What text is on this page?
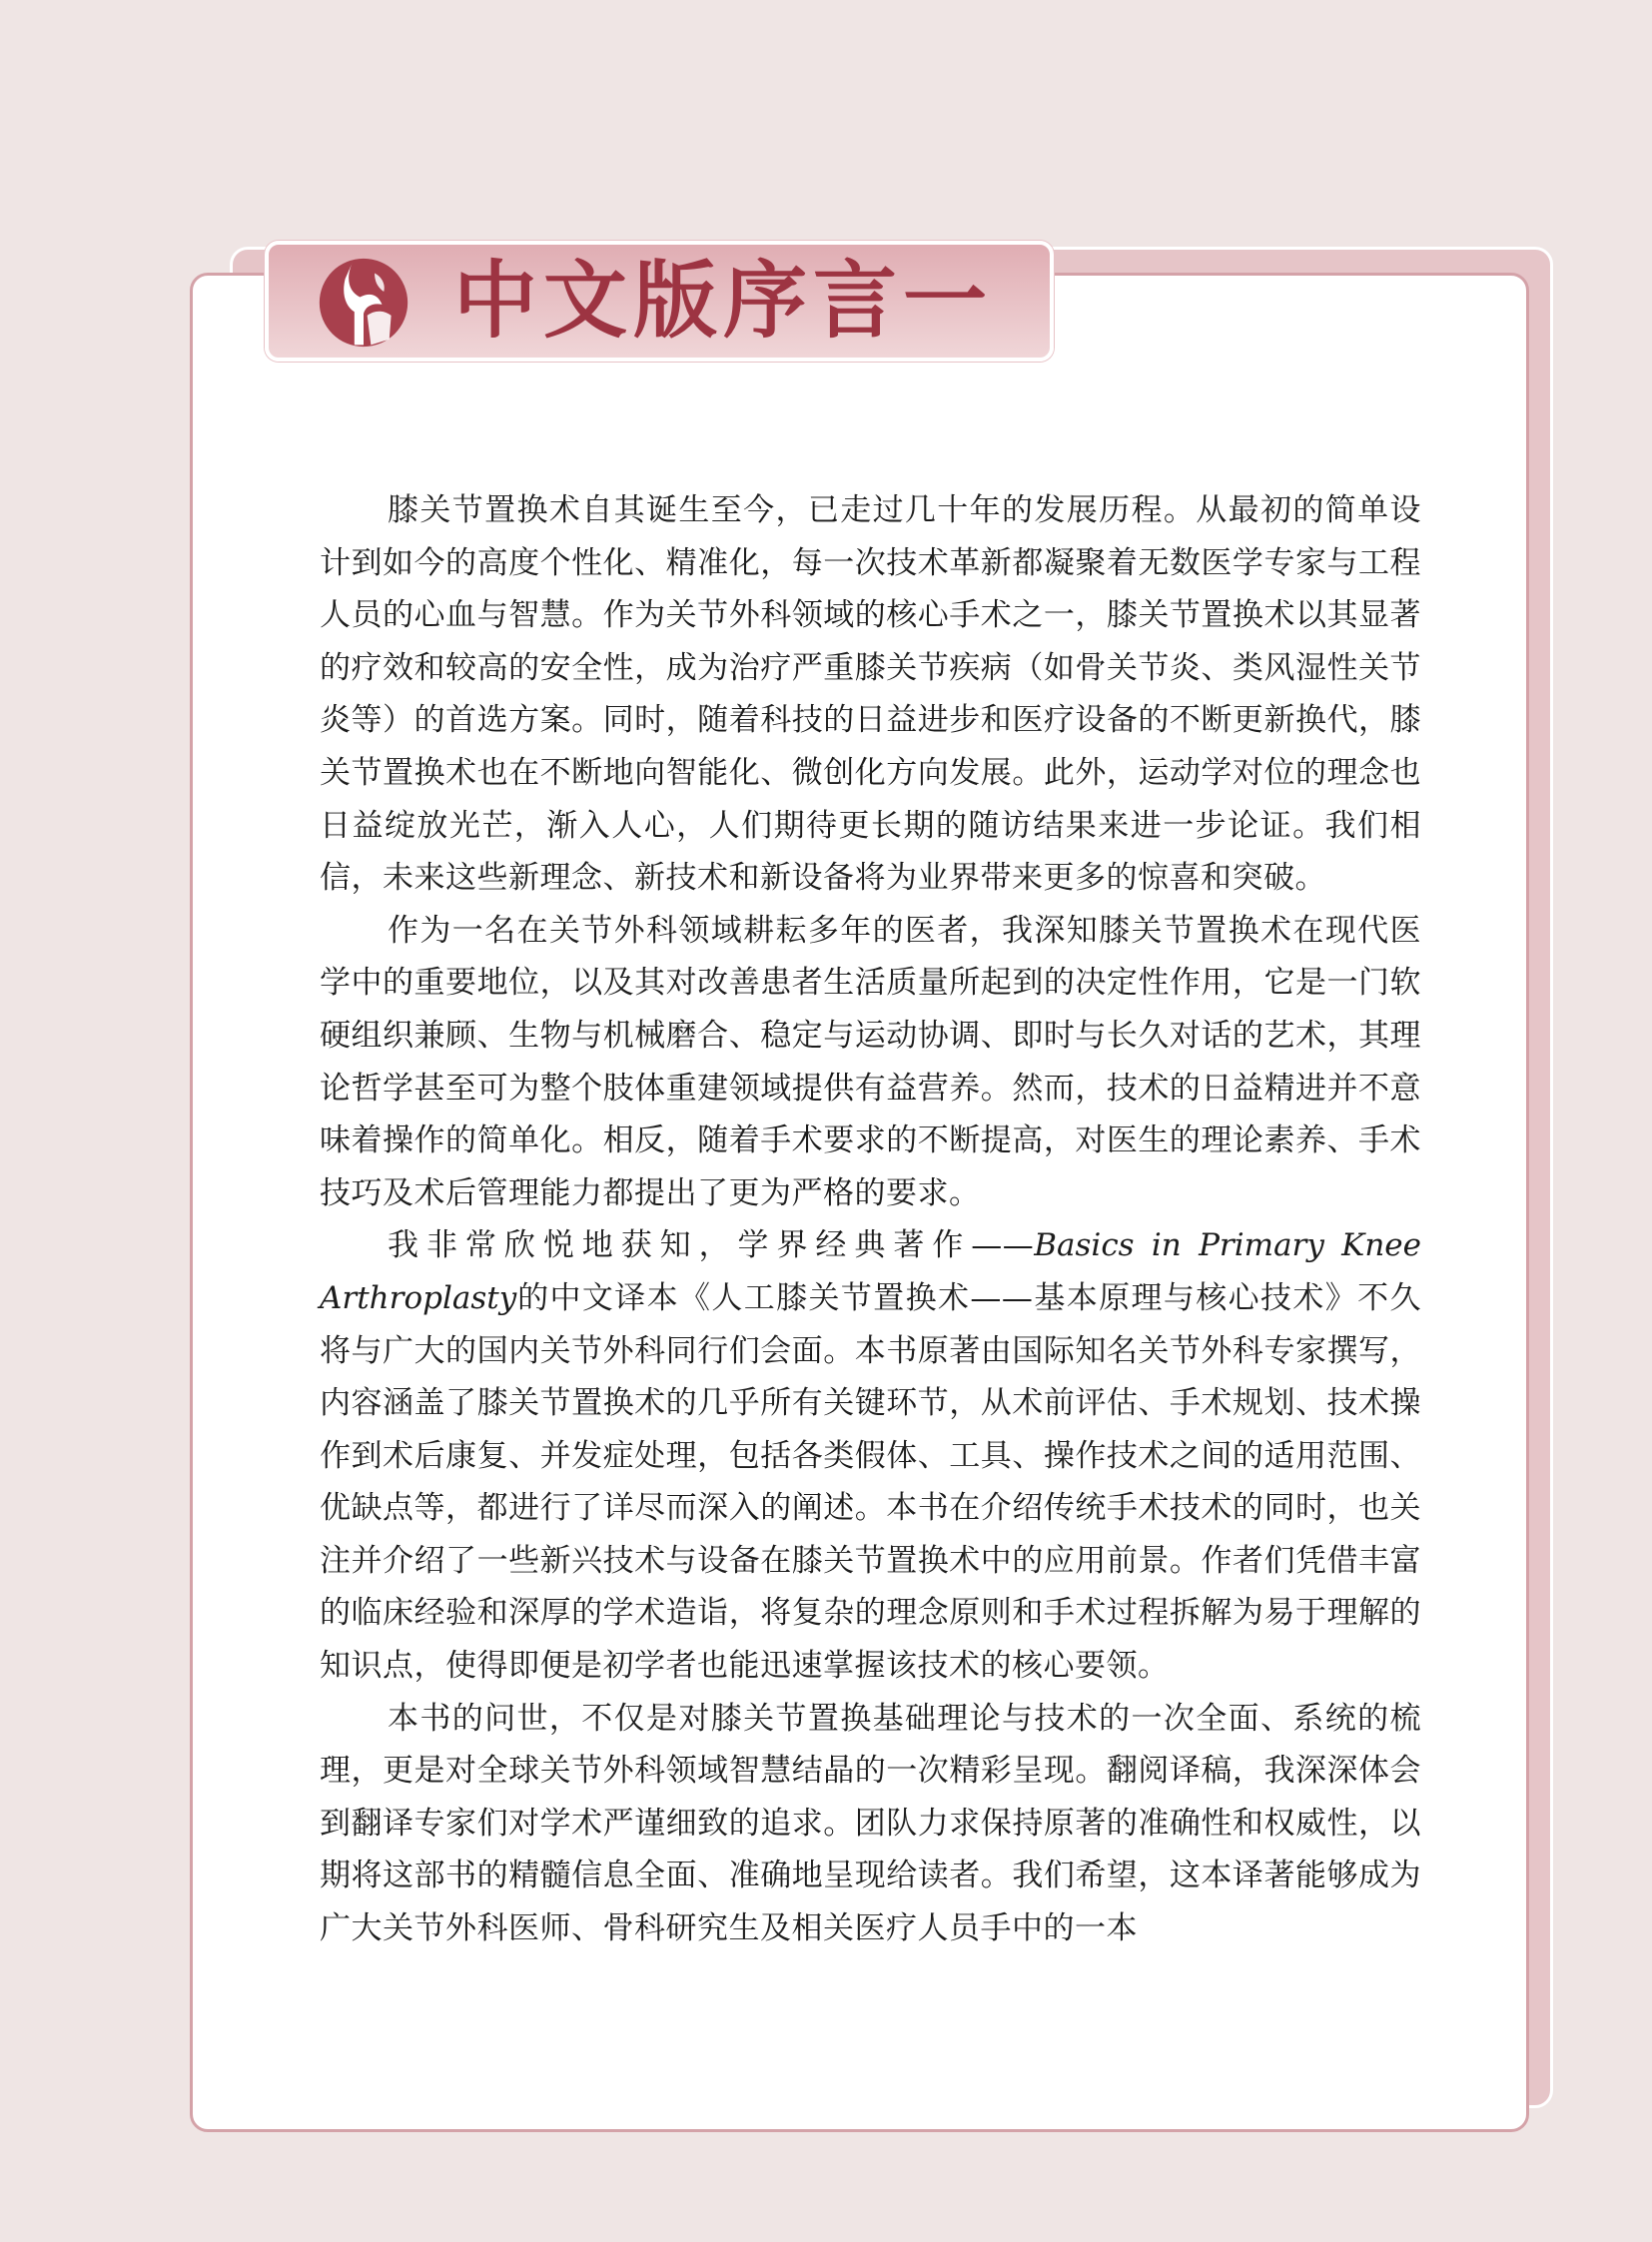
中文版序言一

膝关节置换术自其诞生至今，已走过几十年的发展历程。从最初的简单设计到如今的高度个性化、精准化，每一次技术革新都凝聚着无数医学专家与工程人员的心血与智慧。作为关节外科领域的核心手术之一，膝关节置换术以其显著的疗效和较高的安全性，成为治疗严重膝关节疾病（如骨关节炎、类风湿性关节炎等）的首选方案。同时，随着科技的日益进步和医疗设备的不断更新换代，膝关节置换术也在不断地向智能化、微创化方向发展。此外，运动学对位的理念也日益绽放光芒，渐入人心，人们期待更长期的随访结果来进一步论证。我们相信，未来这些新理念、新技术和新设备将为业界带来更多的惊喜和突破。

作为一名在关节外科领域耕耘多年的医者，我深知膝关节置换术在现代医学中的重要地位，以及其对改善患者生活质量所起到的决定性作用，它是一门软硬组织兼顾、生物与机械磨合、稳定与运动协调、即时与长久对话的艺术，其理论哲学甚至可为整个肢体重建领域提供有益营养。然而，技术的日益精进并不意味着操作的简单化。相反，随着手术要求的不断提高，对医生的理论素养、手术技巧及术后管理能力都提出了更为严格的要求。

我非常欣悦地获知，学界经典著作——Basics in Primary Knee Arthroplasty的中文译本《人工膝关节置换术——基本原理与核心技术》不久将与广大的国内关节外科同行们会面。本书原著由国际知名关节外科专家撰写，内容涵盖了膝关节置换术的几乎所有关键环节，从术前评估、手术规划、技术操作到术后康复、并发症处理，包括各类假体、工具、操作技术之间的适用范围、优缺点等，都进行了详尽而深入的阐述。本书在介绍传统手术技术的同时，也关注并介绍了一些新兴技术与设备在膝关节置换术中的应用前景。作者们凭借丰富的临床经验和深厚的学术造诣，将复杂的理念原则和手术过程拆解为易于理解的知识点，使得即便是初学者也能迅速掌握该技术的核心要领。

本书的问世，不仅是对膝关节置换基础理论与技术的一次全面、系统的梳理，更是对全球关节外科领域智慧结晶的一次精彩呈现。翻阅译稿，我深深体会到翻译专家们对学术严谨细致的追求。团队力求保持原著的准确性和权威性，以期将这部书的精髓信息全面、准确地呈现给读者。我们希望，这本译著能够成为广大关节外科医师、骨科研究生及相关医疗人员手中的一本
